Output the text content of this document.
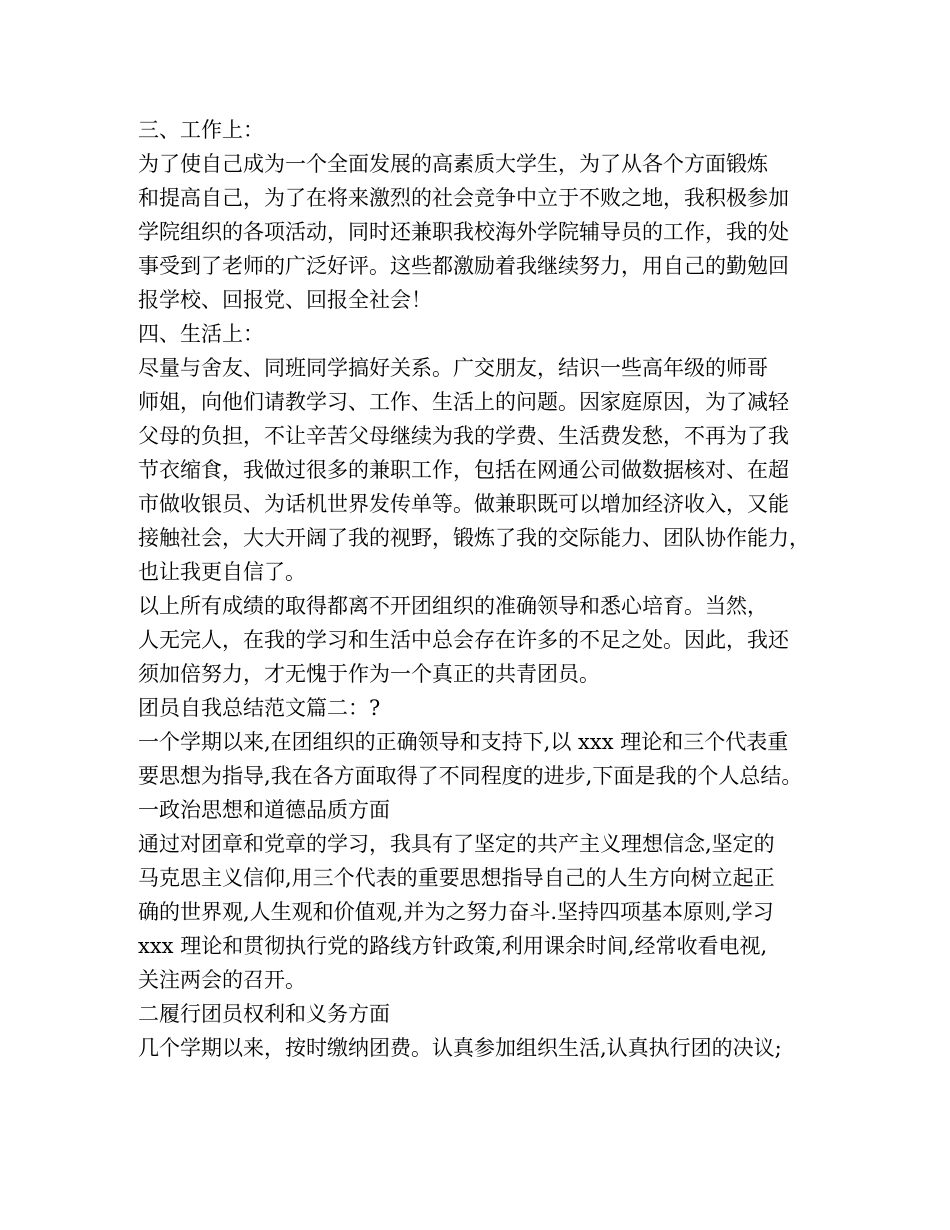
三、工作上：
为了使自己成为一个全面发展的高素质大学生，为了从各个方面锻炼
和提高自己，为了在将来激烈的社会竞争中立于不败之地，我积极参加
学院组织的各项活动，同时还兼职我校海外学院辅导员的工作，我的处
事受到了老师的广泛好评。这些都激励着我继续努力，用自己的勤勉回
报学校、回报党、回报全社会！
四、生活上：
尽量与舍友、同班同学搞好关系。广交朋友，结识一些高年级的师哥
师姐，向他们请教学习、工作、生活上的问题。因家庭原因，为了减轻
父母的负担，不让辛苦父母继续为我的学费、生活费发愁，不再为了我
节衣缩食，我做过很多的兼职工作，包括在网通公司做数据核对、在超
市做收银员、为话机世界发传单等。做兼职既可以增加经济收入，又能
接触社会，大大开阔了我的视野，锻炼了我的交际能力、团队协作能力，
也让我更自信了。
以上所有成绩的取得都离不开团组织的准确领导和悉心培育。当然，
人无完人，在我的学习和生活中总会存在许多的不足之处。因此，我还
须加倍努力，才无愧于作为一个真正的共青团员。
团员自我总结范文篇二：?
一个学期以来,在团组织的正确领导和支持下,以 xxx 理论和三个代表重
要思想为指导,我在各方面取得了不同程度的进步,下面是我的个人总结。
一政治思想和道德品质方面
通过对团章和党章的学习，我具有了坚定的共产主义理想信念,坚定的
马克思主义信仰,用三个代表的重要思想指导自己的人生方向树立起正
确的世界观,人生观和价值观,并为之努力奋斗.坚持四项基本原则,学习
xxx 理论和贯彻执行党的路线方针政策,利用课余时间,经常收看电视,
关注两会的召开。
二履行团员权利和义务方面
几个学期以来，按时缴纳团费。认真参加组织生活,认真执行团的决议;
